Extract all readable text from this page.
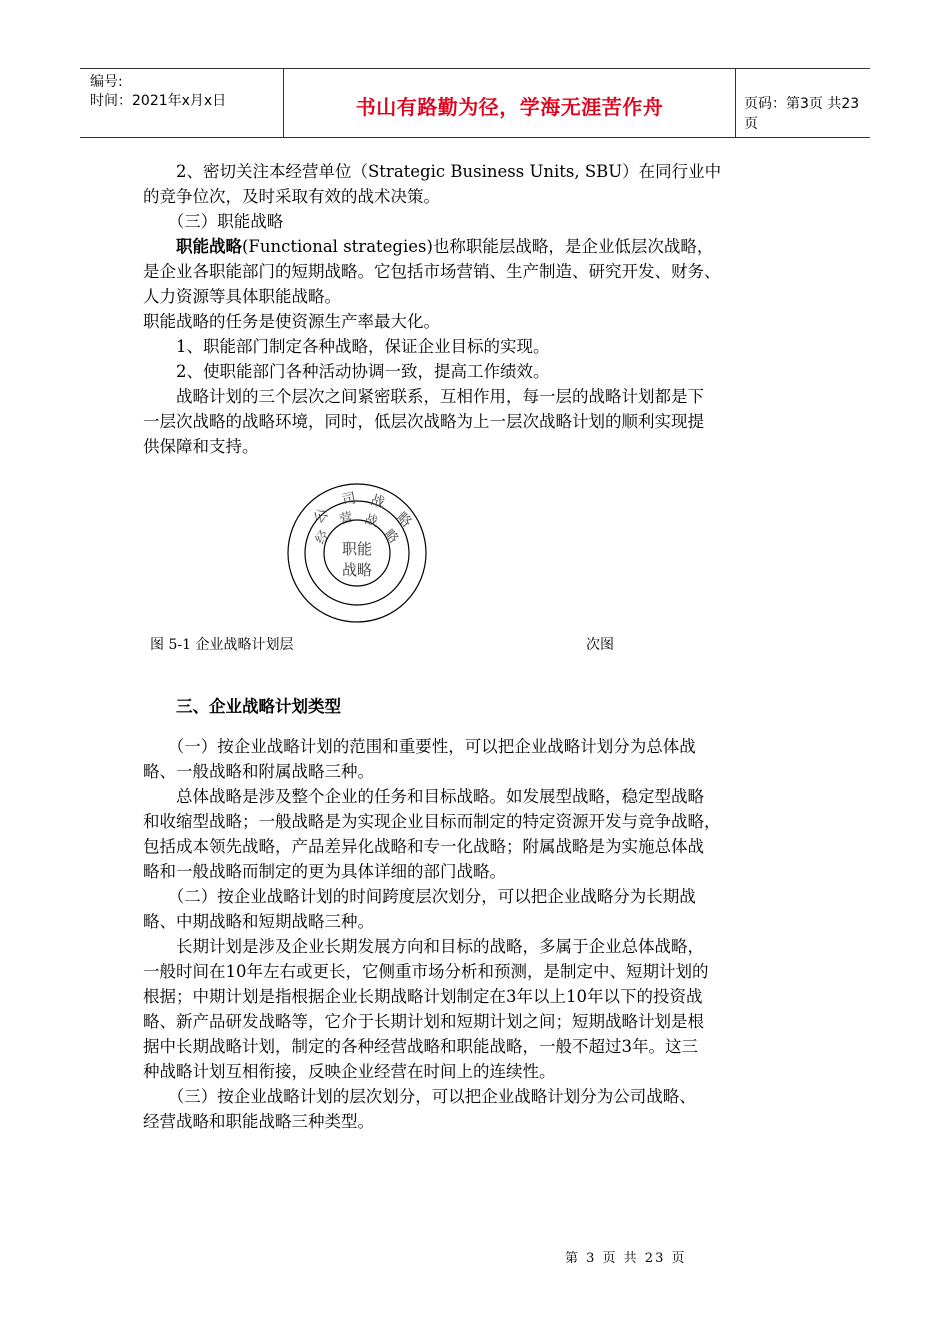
编号:
时间：2021年x月x日	书山有路勤为径，学海无涯苦作舟	页码：第3页 共23页
　　2、密切关注本经营单位（Strategic Business Units, SBU）在同行业中
的竞争位次，及时采取有效的战术决策。
　　（三）职能战略
　　职能战略(Functional strategies)也称职能层战略，是企业低层次战略，
是企业各职能部门的短期战略。它包括市场营销、生产制造、研究开发、财务、
人力资源等具体职能战略。
职能战略的任务是使资源生产率最大化。
　　1、职能部门制定各种战略，保证企业目标的实现。
　　2、使职能部门各种活动协调一致，提高工作绩效。
　　战略计划的三个层次之间紧密联系，互相作用，每一层的战略计划都是下
一层次战略的战略环境，同时，低层次战略为上一层次战略计划的顺利实现提
供保障和支持。
公
司 战
略
经
营 战
略
职能
战略
图 5-1 企业战略计划层	次图
　　三、企业战略计划类型
　　（一）按企业战略计划的范围和重要性，可以把企业战略计划分为总体战
略、一般战略和附属战略三种。
　　总体战略是涉及整个企业的任务和目标战略。如发展型战略，稳定型战略
和收缩型战略；一般战略是为实现企业目标而制定的特定资源开发与竞争战略，
包括成本领先战略，产品差异化战略和专一化战略；附属战略是为实施总体战
略和一般战略而制定的更为具体详细的部门战略。
　　（二）按企业战略计划的时间跨度层次划分，可以把企业战略分为长期战
略、中期战略和短期战略三种。
　　长期计划是涉及企业长期发展方向和目标的战略，多属于企业总体战略，
一般时间在10年左右或更长，它侧重市场分析和预测，是制定中、短期计划的
根据；中期计划是指根据企业长期战略计划制定在3年以上10年以下的投资战
略、新产品研发战略等，它介于长期计划和短期计划之间；短期战略计划是根
据中长期战略计划，制定的各种经营战略和职能战略，一般不超过3年。这三
种战略计划互相衔接，反映企业经营在时间上的连续性。
　　（三）按企业战略计划的层次划分，可以把企业战略计划分为公司战略、
经营战略和职能战略三种类型。
第 3 页 共 23 页
